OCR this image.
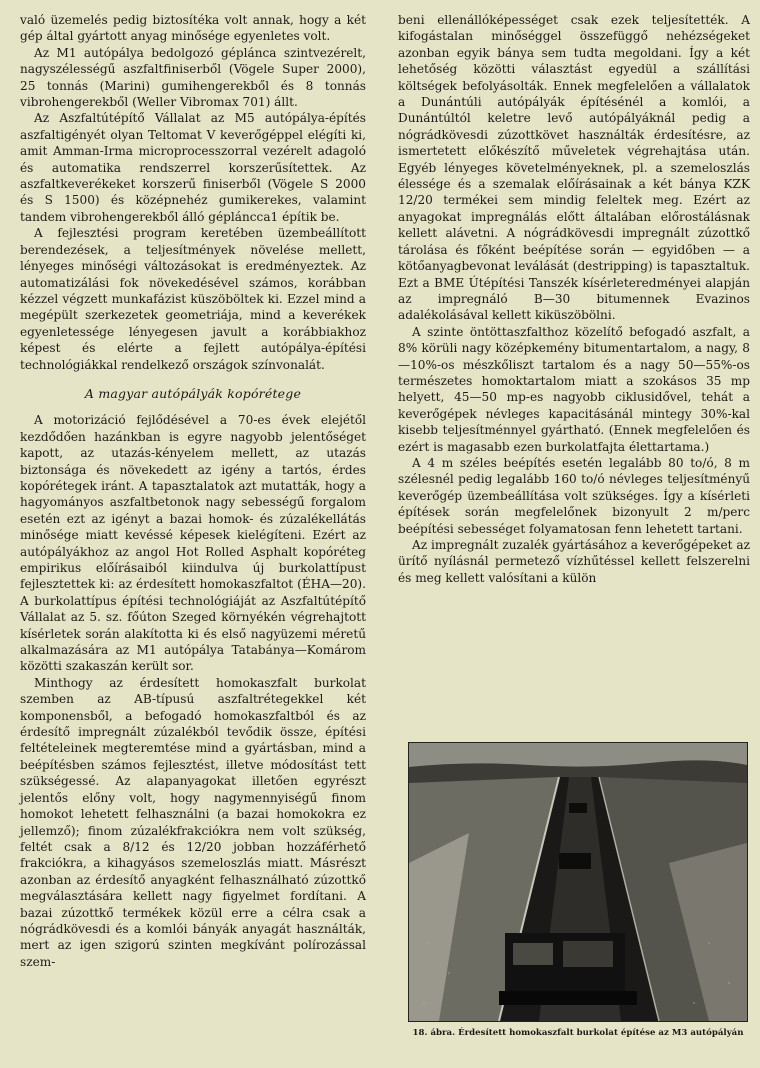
való üzemelés pedig biztosítéka volt annak, hogy a két gép által gyártott anyag minősége egyenletes volt.

Az M1 autópálya bedolgozó géplánca szintvezérelt, nagyszélességű aszfaltfiniserből (Vögele Super 2000), 25 tonnás (Marini) gumihengerekből és 8 tonnás vibrohengerekből (Weller Vibromax 701) állt.

Az Aszfaltútépítő Vállalat az M5 autópálya-építés aszfaltigényét olyan Teltomat V keverőgéppel elégíti ki, amit Amman-Irma microprocesszorral vezérelt adagoló és automatika rendszerrel korszerűsítettek. Az aszfaltkeverékeket korszerű finiserből (Vögele S 2000 és S 1500) és középnehéz gumikerekes, valamint tandem vibrohengerekből álló gépláncca1 építik be.

A fejlesztési program keretében üzembeállított berendezések, a teljesítmények növelése mellett, lényeges minőségi változásokat is eredményeztek. Az automatizálási fok növekedésével számos, korábban kézzel végzett munkafázist küszöböltek ki. Ezzel mind a megépült szerkezetek geometriája, mind a keverékek egyenletessége lényegesen javult a korábbiakhoz képest és elérte a fejlett autópálya-építési technológiákkal rendelkező országok színvonalát.

A magyar autópályák kopórétege

A motorizáció fejlődésével a 70-es évek elejétől kezdődően hazánkban is egyre nagyobb jelentőséget kapott, az utazás-kényelem mellett, az utazás biztonsága és növekedett az igény a tartós, érdes kopórétegek iránt. A tapasztalatok azt mutatták, hogy a hagyományos aszfaltbetonok nagy sebességű forgalom esetén ezt az igényt a bazai homok- és zúzalékellátás minősége miatt kevéssé képesek kielégíteni. Ezért az autópályákhoz az angol Hot Rolled Asphalt kopóréteg empirikus előírásaiból kiindulva új burkolattípust fejlesztettek ki: az érdesített homokaszfaltot (ÉHA—20). A burkolattípus építési technológiáját az Aszfaltútépítő Vállalat az 5. sz. főúton Szeged környékén végrehajtott kísérletek során alakította ki és első nagyüzemi méretű alkalmazására az M1 autópálya Tatabánya—Komárom közötti szakaszán került sor.

Minthogy az érdesített homokaszfalt burkolat szemben az AB-típusú aszfaltrétegekkel két komponensből, a befogadó homokaszfaltból és az érdesítő impregnált zúzalékból tevődik össze, építési feltételeinek megteremtése mind a gyártásban, mind a beépítésben számos fejlesztést, illetve módosítást tett szükségessé. Az alapanyagokat illetően egyrészt jelentős előny volt, hogy nagymennyiségű finom homokot lehetett felhasználni (a bazai homokokra ez jellemző); finom zúzalékfrakciókra nem volt szükség, feltét csak a 8/12 és 12/20 jobban hozzáférhető frakciókra, a kihagyásos szemeloszlás miatt. Másrészt azonban az érdesítő anyagként felhasználható zúzottkő megválasztására kellett nagy figyelmet fordítani. A bazai zúzottkő termékek közül erre a célra csak a nógrádkövesdi és a komlói bányák anyagát használták, mert az igen szigorú szinten megkívánt polírozással szem-

beni ellenállóképességet csak ezek teljesítették. A kifogástalan minőséggel összefüggő nehézségeket azonban egyik bánya sem tudta megoldani. Így a két lehetőség közötti választást egyedül a szállítási költségek befolyásolták. Ennek megfelelően a vállalatok a Dunántúli autópályák építésénél a komlói, a Dunántúltól keletre levő autópályáknál pedig a nógrádkövesdi zúzottkövet használták érdesítésre, az ismertetett előkészítő műveletek végrehajtása után. Egyéb lényeges követelményeknek, pl. a szemeloszlás élessége és a szemalak előírásainak a két bánya KZK 12/20 termékei sem mindig feleltek meg. Ezért az anyagokat impregnálás előtt általában előrostálásnak kellett alávetni. A nógrádkövesdi impregnált zúzottkő tárolása és főként beépítése során — egyidőben — a kötőanyagbevonat leválását (destripping) is tapasztaltuk. Ezt a BME Útépítési Tanszék kísérleteredményei alapján az impregnáló B—30 bitumennek Evazinos adalékolásával kellett kiküszöbölni.

A szinte öntöttaszfalthoz közelítő befogadó aszfalt, a 8% körüli nagy középkemény bitumentartalom, a nagy, 8—10%-os mészkőliszt tartalom és a nagy 50—55%-os természetes homoktartalom miatt a szokásos 35 mp helyett, 45—50 mp-es nagyobb ciklusidővel, tehát a keverőgépek névleges kapacitásánál mintegy 30%-kal kisebb teljesítménnyel gyártható. (Ennek megfelelően és ezért is magasabb ezen burkolatfajta élettartama.)

A 4 m széles beépítés esetén legalább 80 to/ó, 8 m szélesnél pedig legalább 160 to/ó névleges teljesítményű keverőgép üzembeállítása volt szükséges. Így a kísérleti építések során megfelelőnek bizonyult 2 m/perc beépítési sebességet folyamatosan fenn lehetett tartani.

Az impregnált zuzalék gyártásához a keverőgépeket az ürítő nyílásnál permetező vízhűtéssel kellett felszerelni és meg kellett valósítani a külön

18. ábra. Érdesített homokaszfalt burkolat építése az M3 autópályán
